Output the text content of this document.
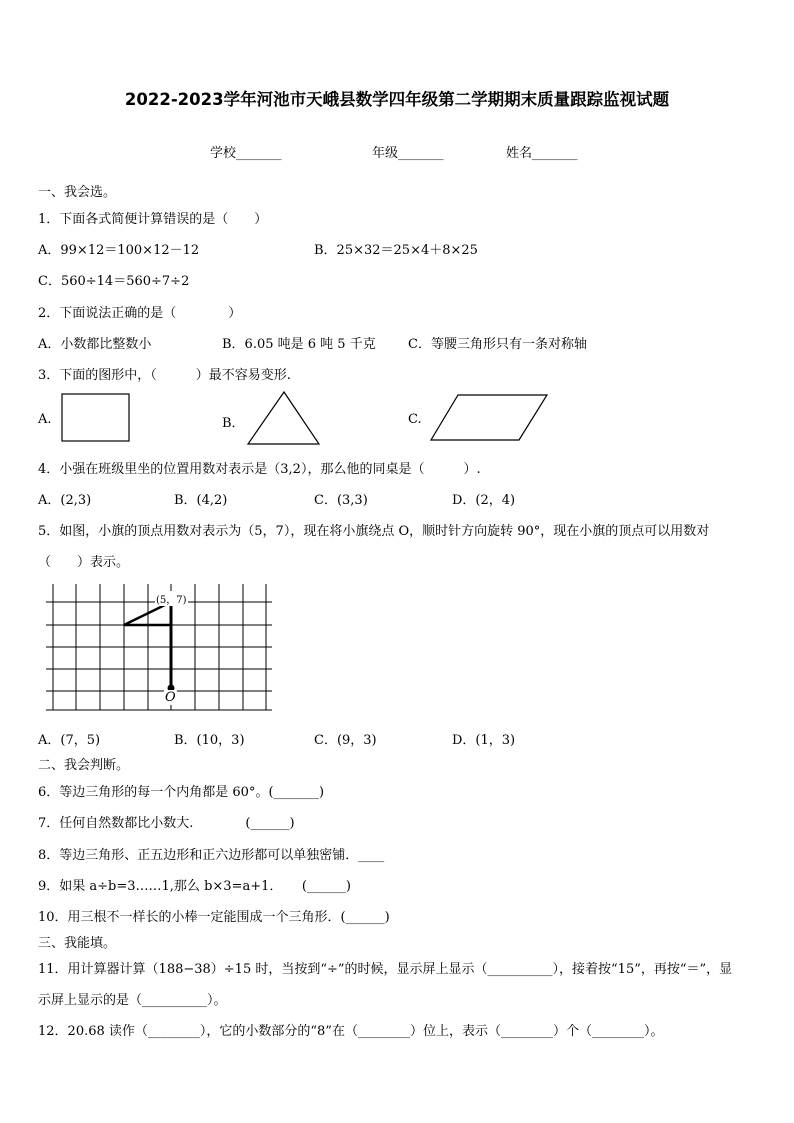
2022-2023学年河池市天峨县数学四年级第二学期期末质量跟踪监视试题
学校_______	年级_______	姓名_______
一、我会选。
1．下面各式简便计算错误的是（　　）
A．99×12＝100×12－12	B．25×32＝25×4＋8×25
C．560÷14＝560÷7÷2
2．下面说法正确的是（　　　　）
A．小数都比整数小	B．6.05 吨是 6 吨 5 千克 C．等腰三角形只有一条对称轴
3．下面的图形中，（　　　）最不容易变形.
A.	B．	C.
4．小强在班级里坐的位置用数对表示是（3,2），那么他的同桌是（　　　）.
A．(2,3)	B．(4,2)	C．(3,3)	D．(2，4)
5．如图，小旗的顶点用数对表示为（5，7），现在将小旗绕点 O，顺时针方向旋转 90°，现在小旗的顶点可以用数对
（　　）表示。
(5，7)
O
A．(7，5)	B．(10，3)	C．(9，3)	D．(1，3)
二、我会判断。
6．等边三角形的每一个内角都是 60°。(_______)
7．任何自然数都比小数大.　　　　(______)
8．等边三角形、正五边形和正六边形都可以单独密铺．____
9．如果 a÷b=3……1,那么 b×3=a+1．　　(______)
10．用三根不一样长的小棒一定能围成一个三角形．(______)
三、我能填。
11．用计算器计算（188−38）÷15 时，当按到“÷”的时候，显示屏上显示（__________），接着按“15”，再按“＝”，显
示屏上显示的是（__________）。
12．20.68 读作（________），它的小数部分的“8”在（________）位上，表示（________）个（________）。
